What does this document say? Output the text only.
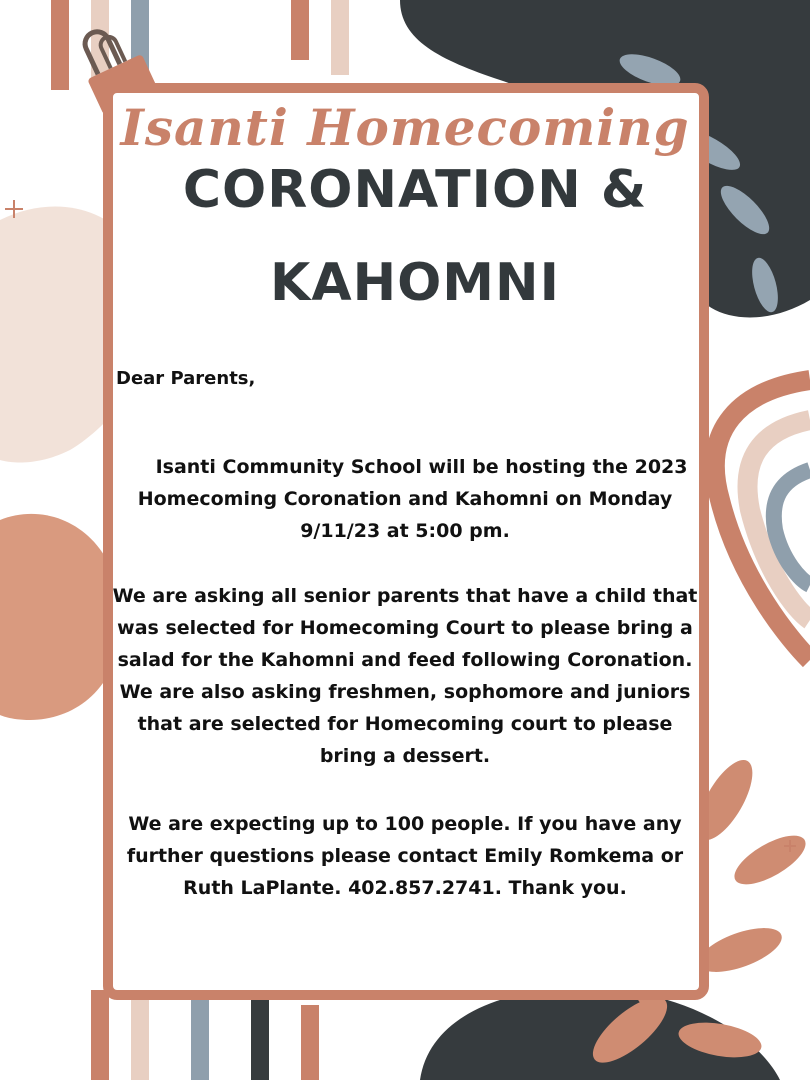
Isanti Homecoming
CORONATION &
KAHOMNI
Dear Parents,

Isanti Community School will be hosting the 2023 Homecoming Coronation and Kahomni on Monday 9/11/23 at 5:00 pm.

We are asking all senior parents that have a child that was selected for Homecoming Court to please bring a salad for the Kahomni and feed following Coronation. We are also asking freshmen, sophomore and juniors that are selected for Homecoming court to please bring a dessert.

We are expecting up to 100 people. If you have any further questions please contact Emily Romkema or Ruth LaPlante. 402.857.2741. Thank you.
